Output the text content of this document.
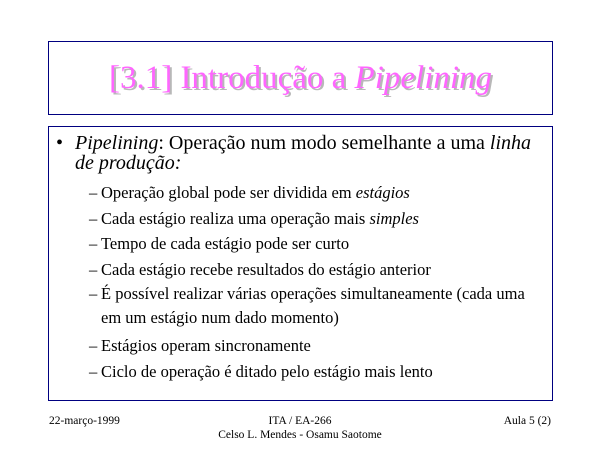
[3.1] Introdução a Pipelining
• Pipelining: Operação num modo semelhante a uma linha de produção:
– Operação global pode ser dividida em estágios
– Cada estágio realiza uma operação mais simples
– Tempo de cada estágio pode ser curto
– Cada estágio recebe resultados do estágio anterior
– É possível realizar várias operações simultaneamente (cada uma em um estágio num dado momento)
– Estágios operam sincronamente
– Ciclo de operação é ditado pelo estágio mais lento
22-março-1999	ITA / EA-266
Celso L. Mendes - Osamu Saotome
Aula 5 (2)
